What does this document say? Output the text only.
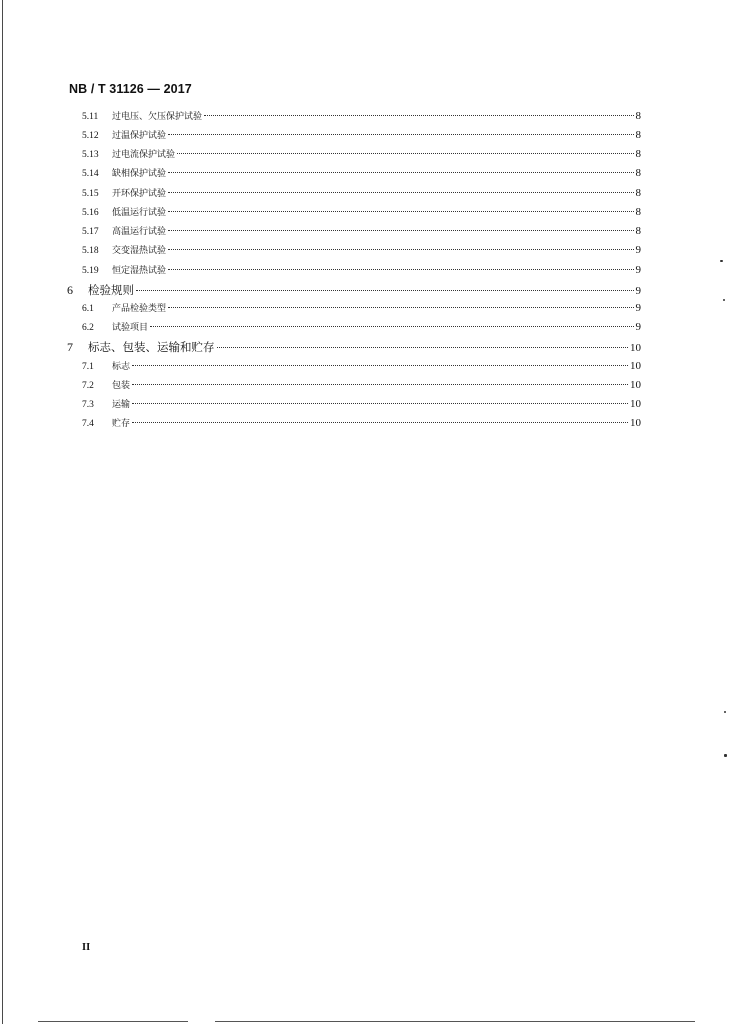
NB / T 31126 — 2017
5.11	过电压、欠压保护试验	8
5.12	过温保护试验	8
5.13	过电流保护试验	8
5.14	缺相保护试验	8
5.15	开环保护试验	8
5.16	低温运行试验	8
5.17	高温运行试验	8
5.18	交变湿热试验	9
5.19	恒定湿热试验	9
6	检验规则	9
6.1	产品检验类型	9
6.2	试验项目	9
7	标志、包装、运输和贮存	10
7.1	标志	10
7.2	包装	10
7.3	运输	10
7.4	贮存	10
II
